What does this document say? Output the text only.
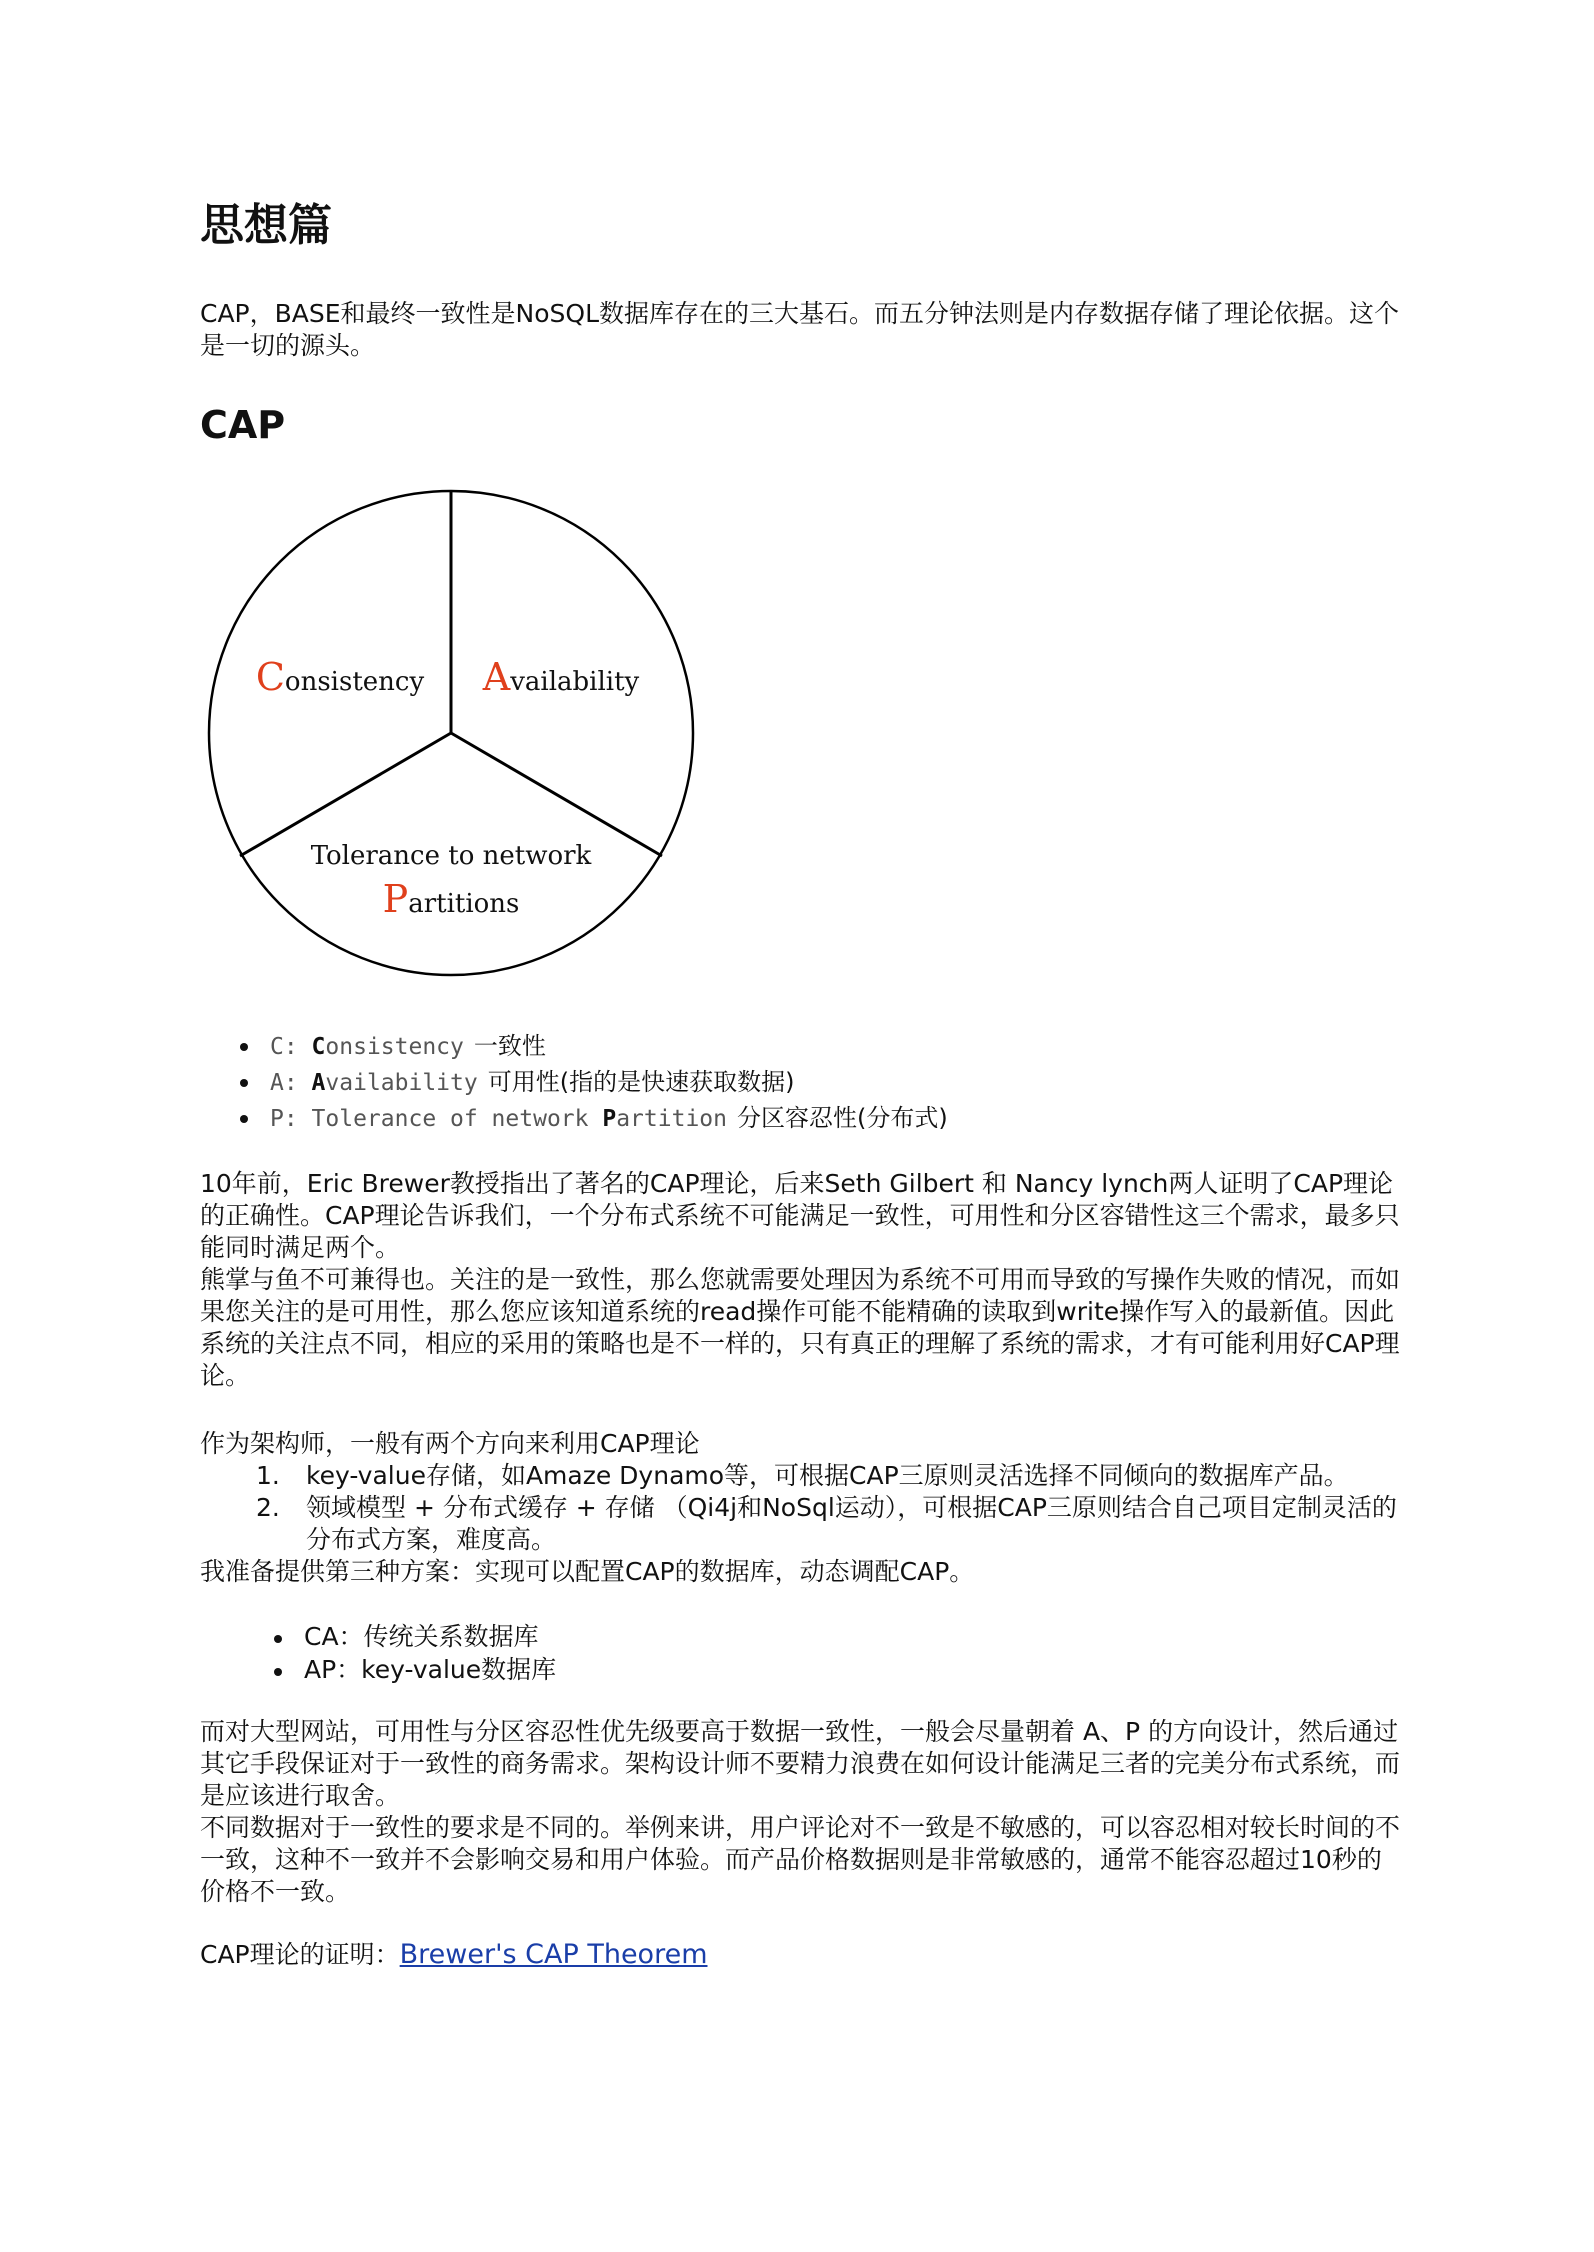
思想篇

CAP，BASE和最终一致性是NoSQL数据库存在的三大基石。而五分钟法则是内存数据存储了理论依据。这个是一切的源头。

CAP
Consistency Availability
Tolerance to network
Partitions
C: Consistency 一致性
A: Availability 可用性(指的是快速获取数据)
P: Tolerance of network Partition 分区容忍性(分布式)

10年前，Eric Brewer教授指出了著名的CAP理论，后来Seth Gilbert 和 Nancy lynch两人证明了CAP理论的正确性。CAP理论告诉我们，一个分布式系统不可能满足一致性，可用性和分区容错性这三个需求，最多只能同时满足两个。

熊掌与鱼不可兼得也。关注的是一致性，那么您就需要处理因为系统不可用而导致的写操作失败的情况，而如果您关注的是可用性，那么您应该知道系统的read操作可能不能精确的读取到write操作写入的最新值。因此系统的关注点不同，相应的采用的策略也是不一样的，只有真正的理解了系统的需求，才有可能利用好CAP理论。

作为架构师，一般有两个方向来利用CAP理论

1. key-value存储，如Amaze Dynamo等，可根据CAP三原则灵活选择不同倾向的数据库产品。
2. 领域模型 + 分布式缓存 + 存储 （Qi4j和NoSql运动），可根据CAP三原则结合自己项目定制灵活的分布式方案，难度高。

我准备提供第三种方案：实现可以配置CAP的数据库，动态调配CAP。

CA：传统关系数据库
AP：key-value数据库

而对大型网站，可用性与分区容忍性优先级要高于数据一致性，一般会尽量朝着 A、P 的方向设计，然后通过其它手段保证对于一致性的商务需求。架构设计师不要精力浪费在如何设计能满足三者的完美分布式系统，而是应该进行取舍。

不同数据对于一致性的要求是不同的。举例来讲，用户评论对不一致是不敏感的，可以容忍相对较长时间的不一致，这种不一致并不会影响交易和用户体验。而产品价格数据则是非常敏感的，通常不能容忍超过10秒的价格不一致。

CAP理论的证明：Brewer's CAP Theorem
